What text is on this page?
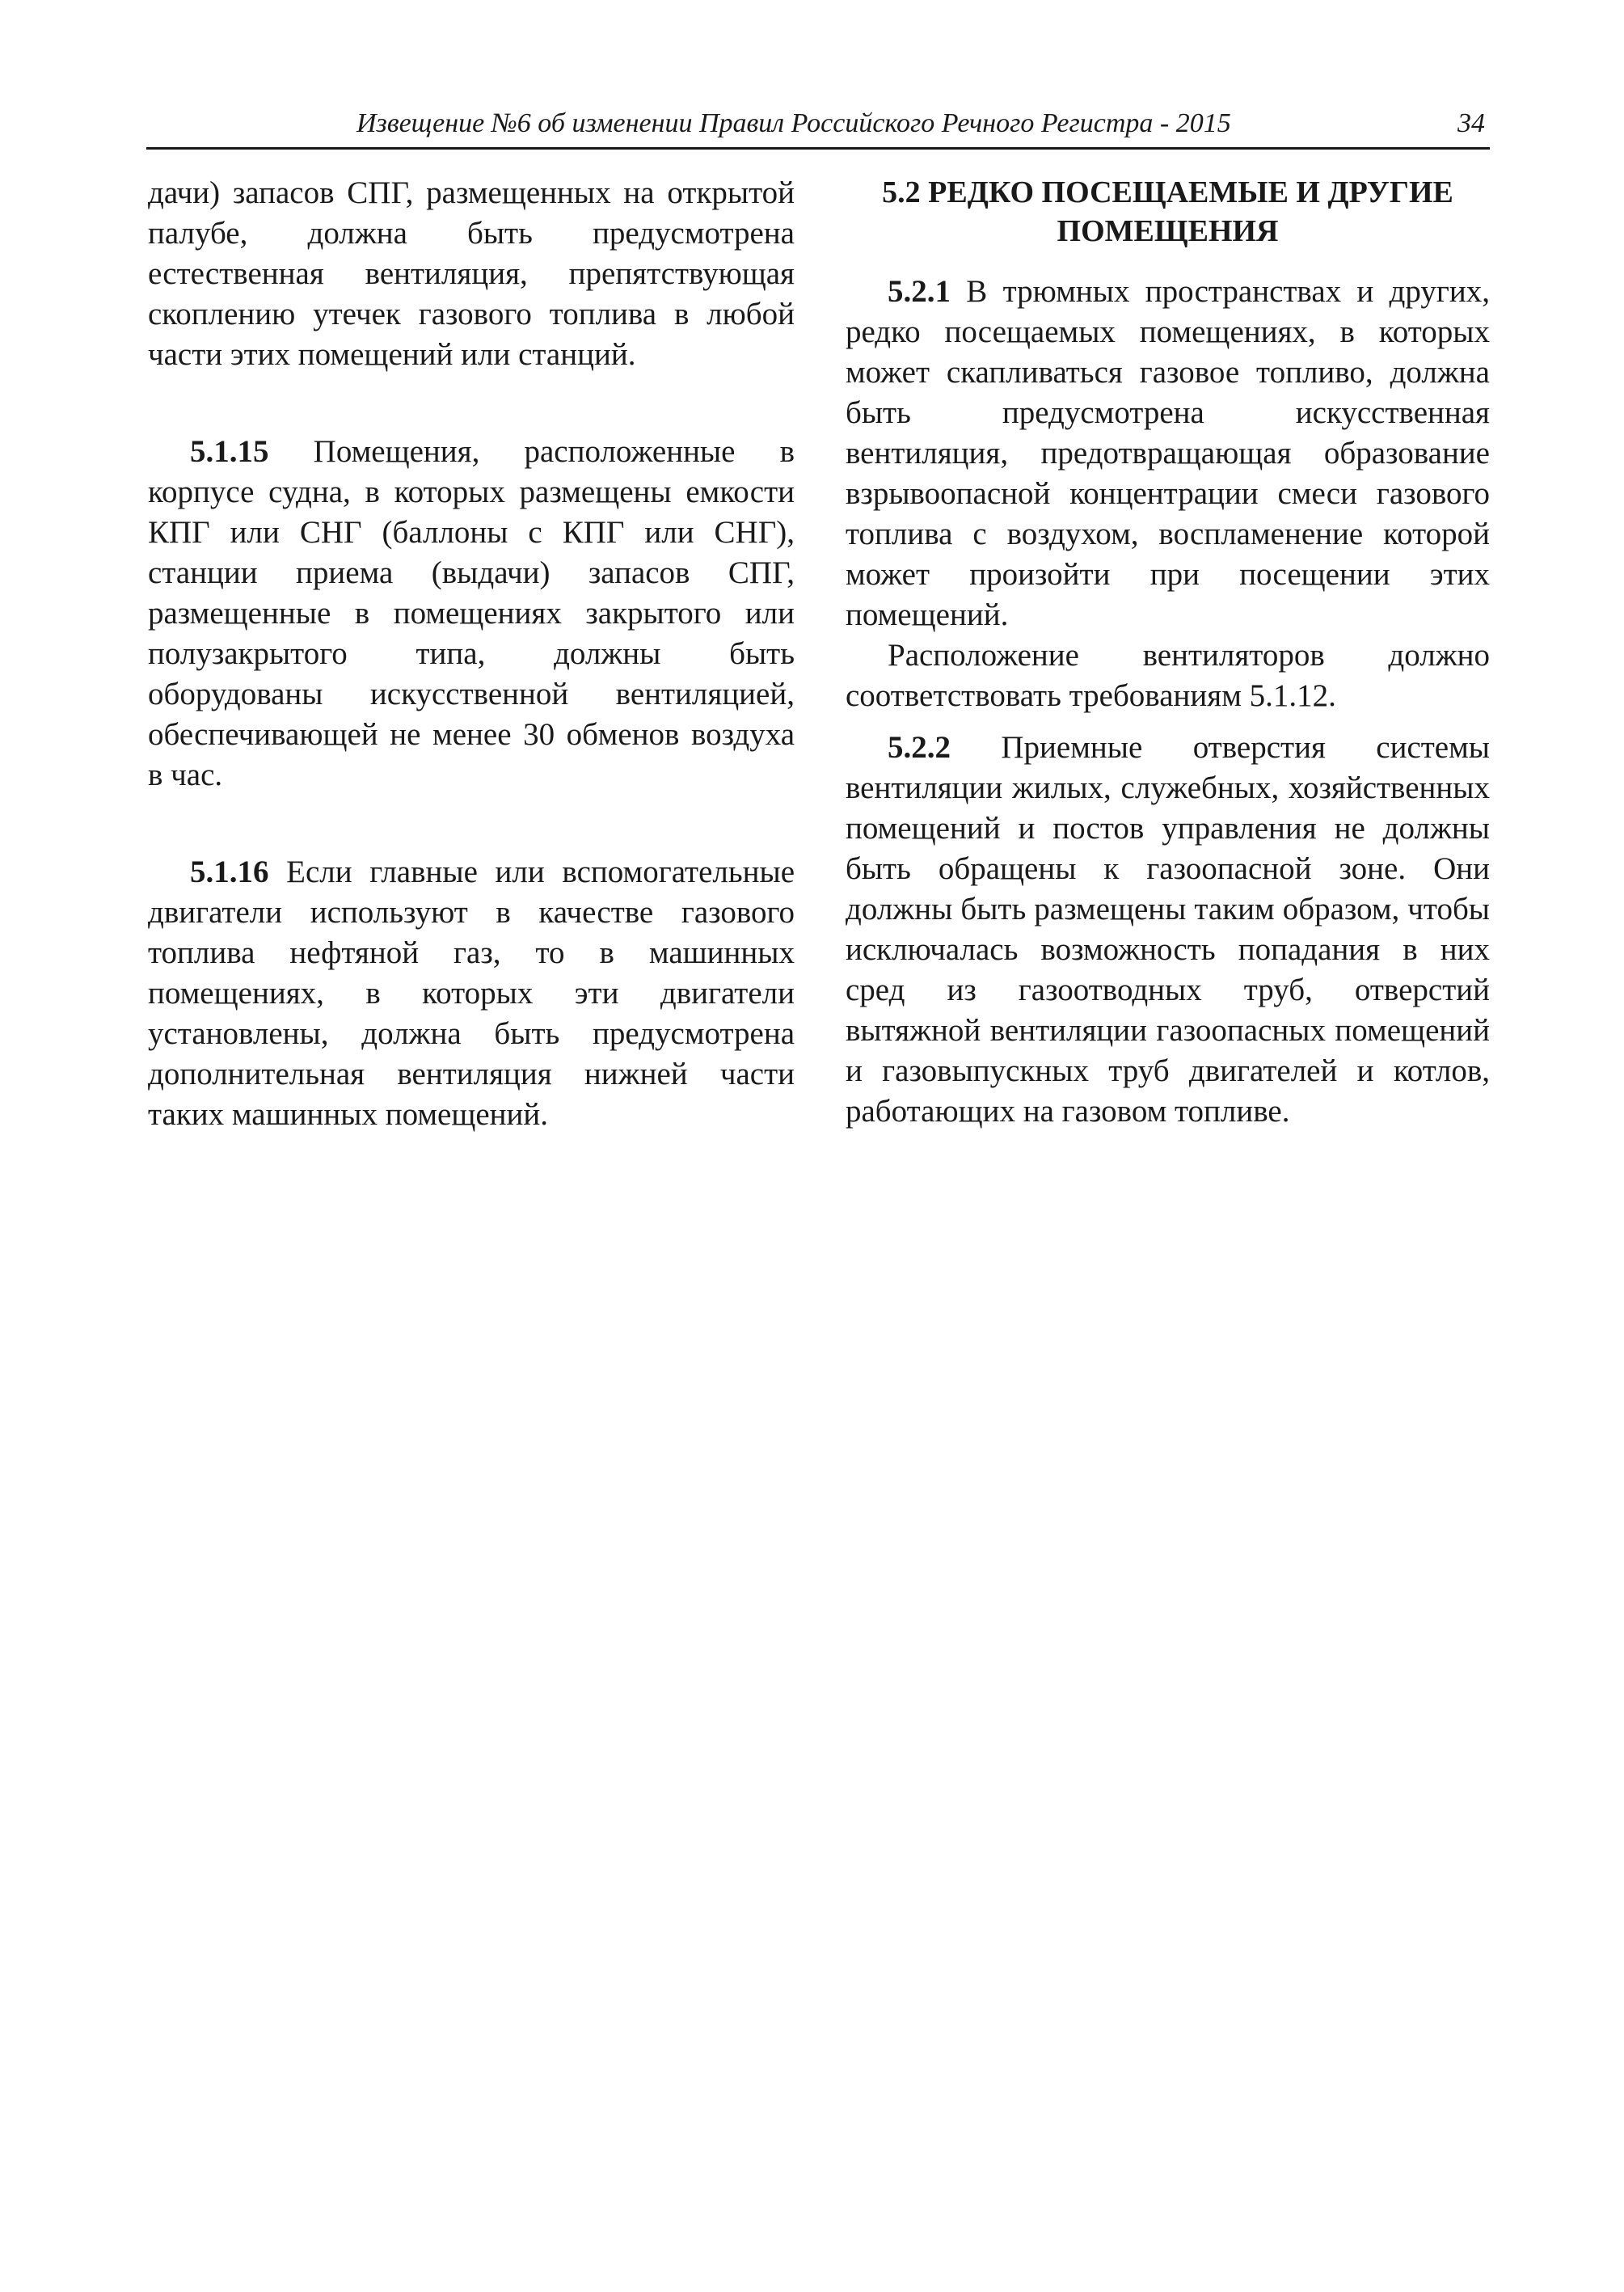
Извещение №6 об изменении Правил Российского Речного Регистра - 2015	34

дачи) запасов СПГ, размещенных на открытой палубе, должна быть предусмотрена естественная вентиляция, препятствующая скоплению утечек газового топлива в любой части этих помещений или станций.

5.1.15 Помещения, расположенные в корпусе судна, в которых размещены емкости КПГ или СНГ (баллоны с КПГ или СНГ), станции приема (выдачи) запасов СПГ, размещенные в помещениях закрытого или полузакрытого типа, должны быть оборудованы искусственной вентиляцией, обеспечивающей не менее 30 обменов воздуха в час.

5.1.16 Если главные или вспомогательные двигатели используют в качестве газового топлива нефтяной газ, то в машинных помещениях, в которых эти двигатели установлены, должна быть предусмотрена дополнительная вентиляция нижней части таких машинных помещений.

5.2 РЕДКО ПОСЕЩАЕМЫЕ И ДРУГИЕ ПОМЕЩЕНИЯ

5.2.1 В трюмных пространствах и других, редко посещаемых помещениях, в которых может скапливаться газовое топливо, должна быть предусмотрена искусственная вентиляция, предотвращающая образование взрывоопасной концентрации смеси газового топлива с воздухом, воспламенение которой может произойти при посещении этих помещений.

Расположение вентиляторов должно соответствовать требованиям 5.1.12.

5.2.2 Приемные отверстия системы вентиляции жилых, служебных, хозяйственных помещений и постов управления не должны быть обращены к газоопасной зоне. Они должны быть размещены таким образом, чтобы исключалась возможность попадания в них сред из газоотводных труб, отверстий вытяжной вентиляции газоопасных помещений и газовыпускных труб двигателей и котлов, работающих на газовом топливе.
